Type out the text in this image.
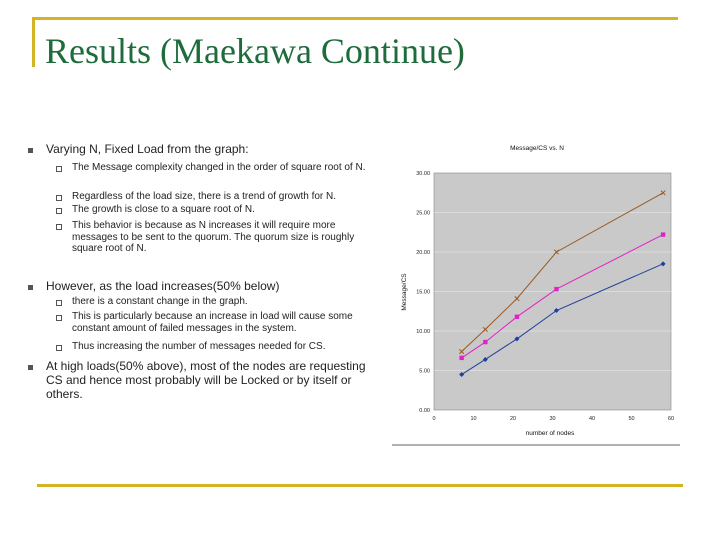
Results (Maekawa Continue)
Varying N, Fixed Load from the graph:
The Message complexity changed in the order of square root of N.
Regardless of the load size, there is a trend of growth for N.
The growth is close to a square root of N.
This behavior is because as N increases it will require more messages to be sent to the quorum. The quorum size is roughly square root of N.
However, as the load increases(50% below)
there is a constant change in the graph.
This is particularly because an increase in load will cause some constant amount of failed messages in the system.
Thus increasing the number of messages needed for CS.
At high loads(50% above), most of the nodes are requesting CS and hence most probably will be Locked or by itself or others.
0.00
5.00
10.00
15.00
20.00
25.00
30.00
0	10	20	30	40	50	60
Message/CS vs. N
number of nodes
Message/CS
